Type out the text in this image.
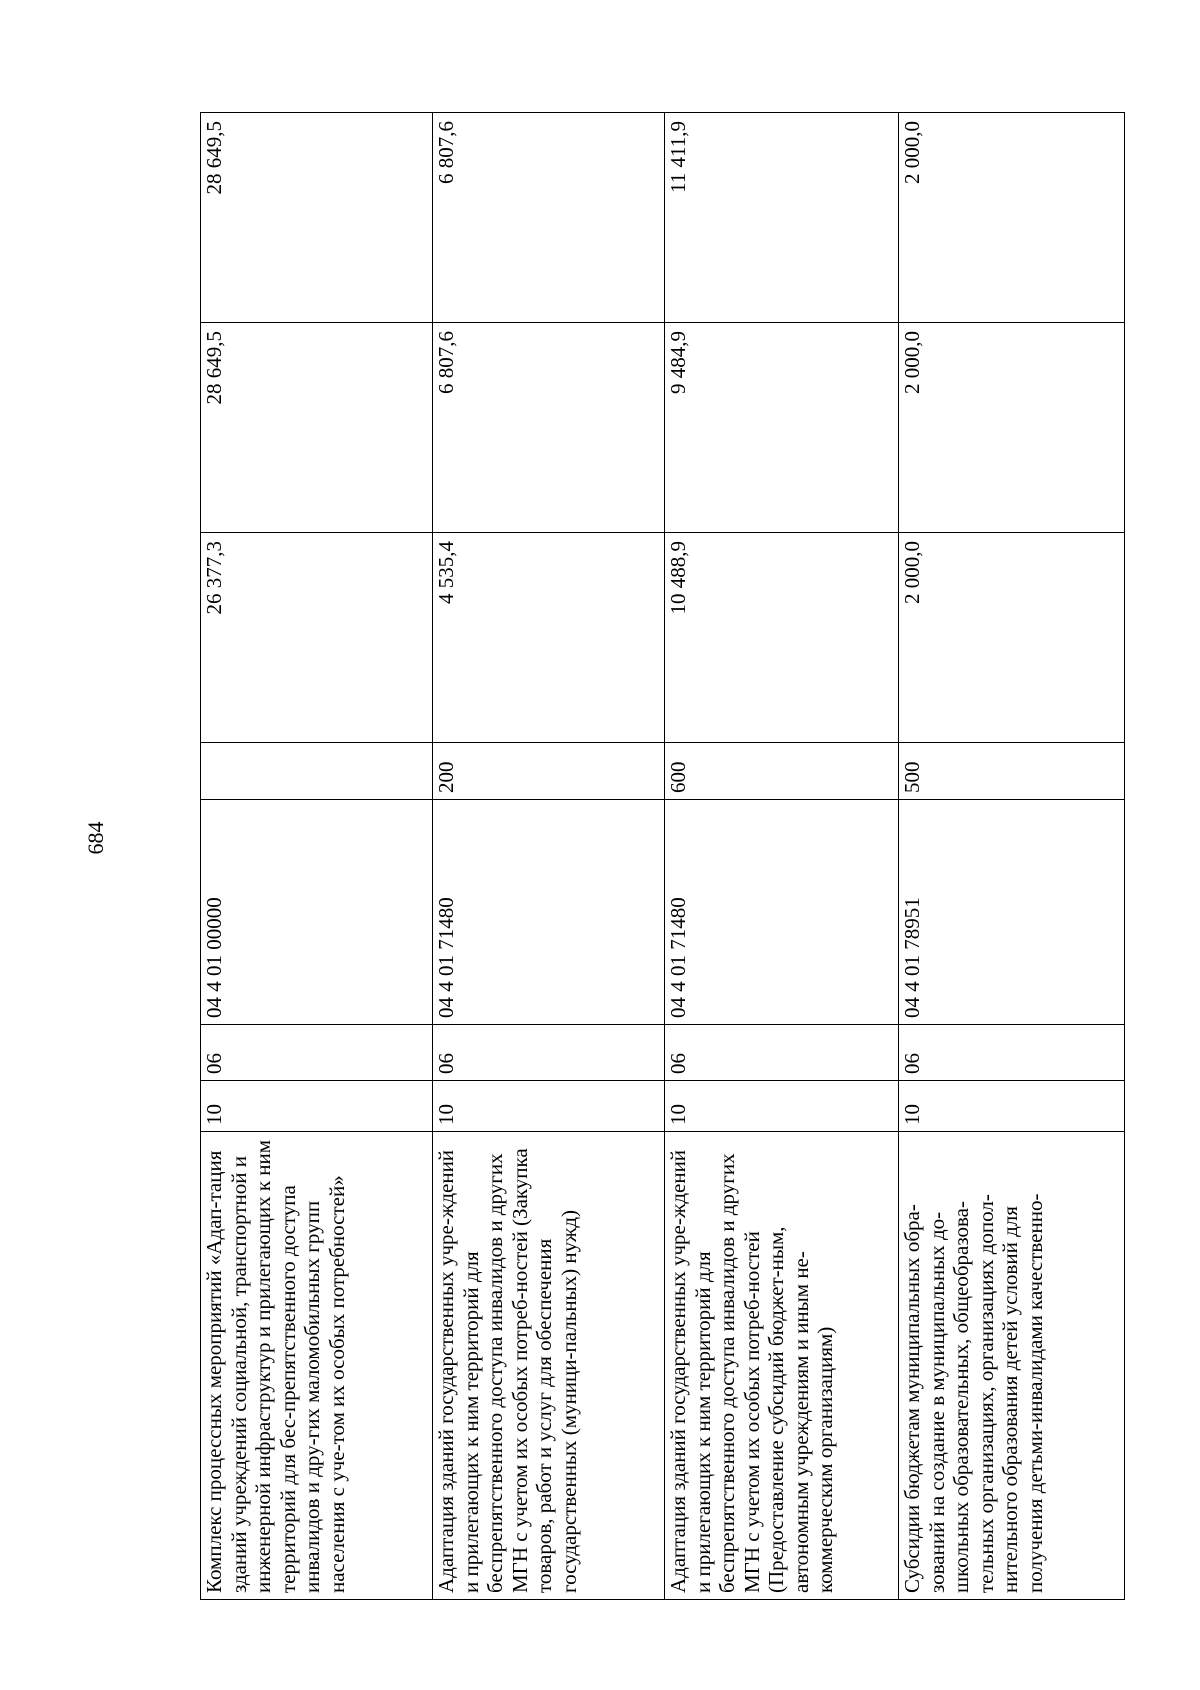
684
Комплекс процессных мероприятий «Адап-тация зданий учреждений социальной, транспортной и инженерной инфраструктур и прилегающих к ним территорий для бес-препятственного доступа инвалидов и дру-гих маломобильных групп населения с уче-том их особых потребностей»	10	06	04 4 01 00000		26 377,3	28 649,5	28 649,5
Адаптация зданий государственных учре-ждений и прилегающих к ним территорий для беспрепятственного доступа инвалидов и других МГН с учетом их особых потреб-ностей (Закупка товаров, работ и услуг для обеспечения государственных (муници-пальных) нужд)	10	06	04 4 01 71480	200	4 535,4	6 807,6	6 807,6
Адаптация зданий государственных учре-ждений и прилегающих к ним территорий для беспрепятственного доступа инвалидов и других МГН с учетом их особых потреб-ностей (Предоставление субсидий бюджет-ным, автономным учреждениям и иным не-коммерческим организациям)	10	06	04 4 01 71480	600	10 488,9	9 484,9	11 411,9
Субсидии бюджетам муниципальных обра-зований на создание в муниципальных до-школьных образовательных, общеобразова-тельных организациях, организациях допол-нительного образования детей условий для получения детьми-инвалидами качественно-	10	06	04 4 01 78951	500	2 000,0	2 000,0	2 000,0
